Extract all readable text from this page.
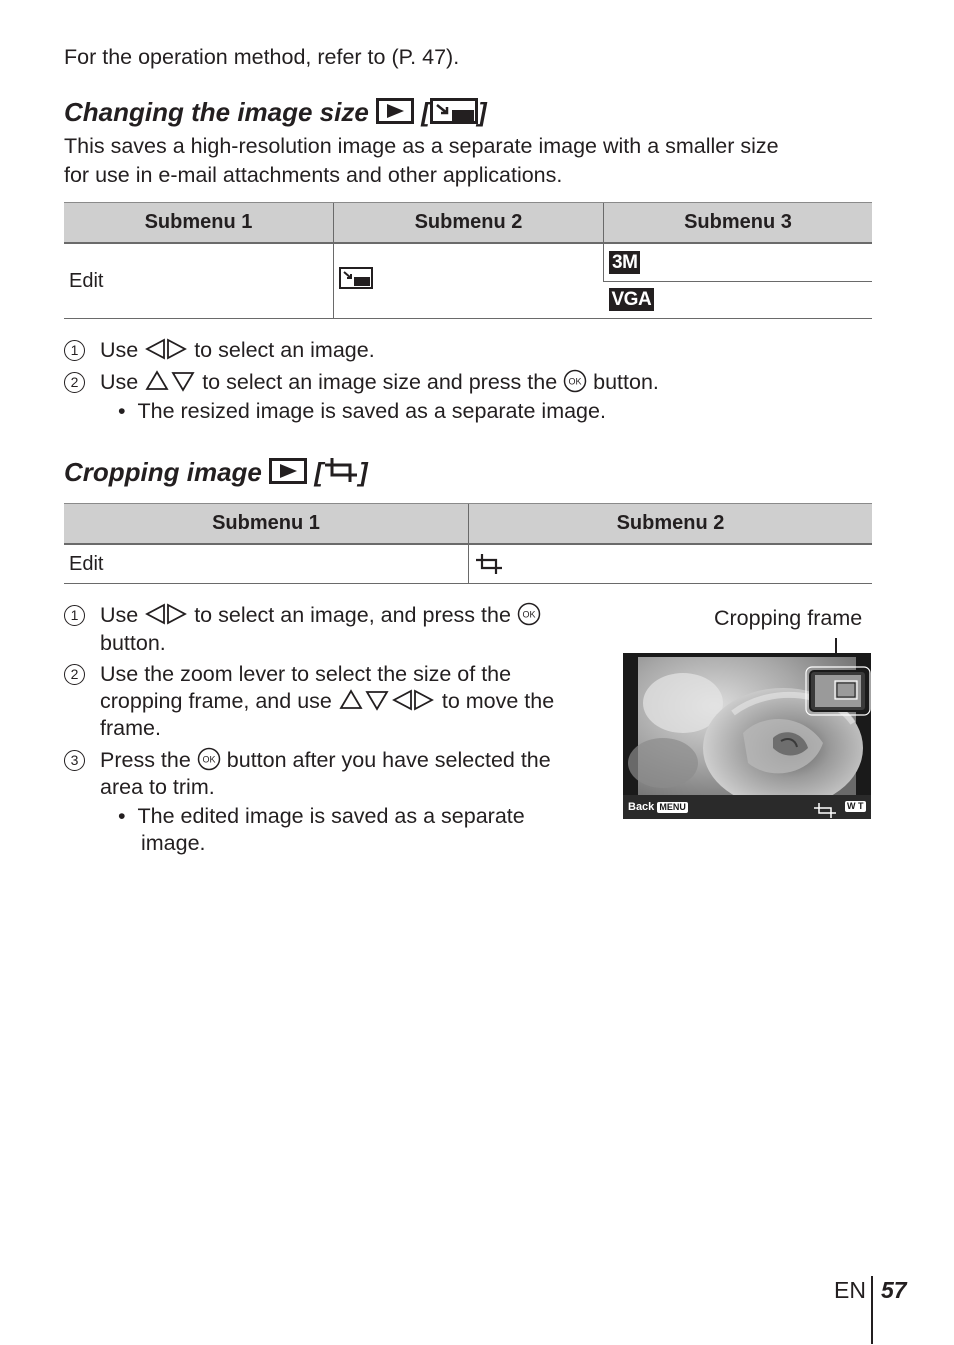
For the operation method, refer to (P. 47).
Changing the image size [ ]
This saves a high-resolution image as a separate image with a smaller size
for use in e-mail attachments and other applications.
Submenu 1	Submenu 2	Submenu 3
Edit		3M
		VGA
1	Use	to select an image.
2	Use	to select an image size and press the OK button.
•  The resized image is saved as a separate image.
Cropping image [ ]
Submenu 1	Submenu 2
Edit	
1	Use	to select an image, and press the OK
button.
2	Use the zoom lever to select the size of the
cropping frame, and use	to move the
frame.
3	Press the OK button after you have selected the
area to trim.
•  The edited image is saved as a separate
image.
Cropping frame
Back MENU	W T
EN 57
